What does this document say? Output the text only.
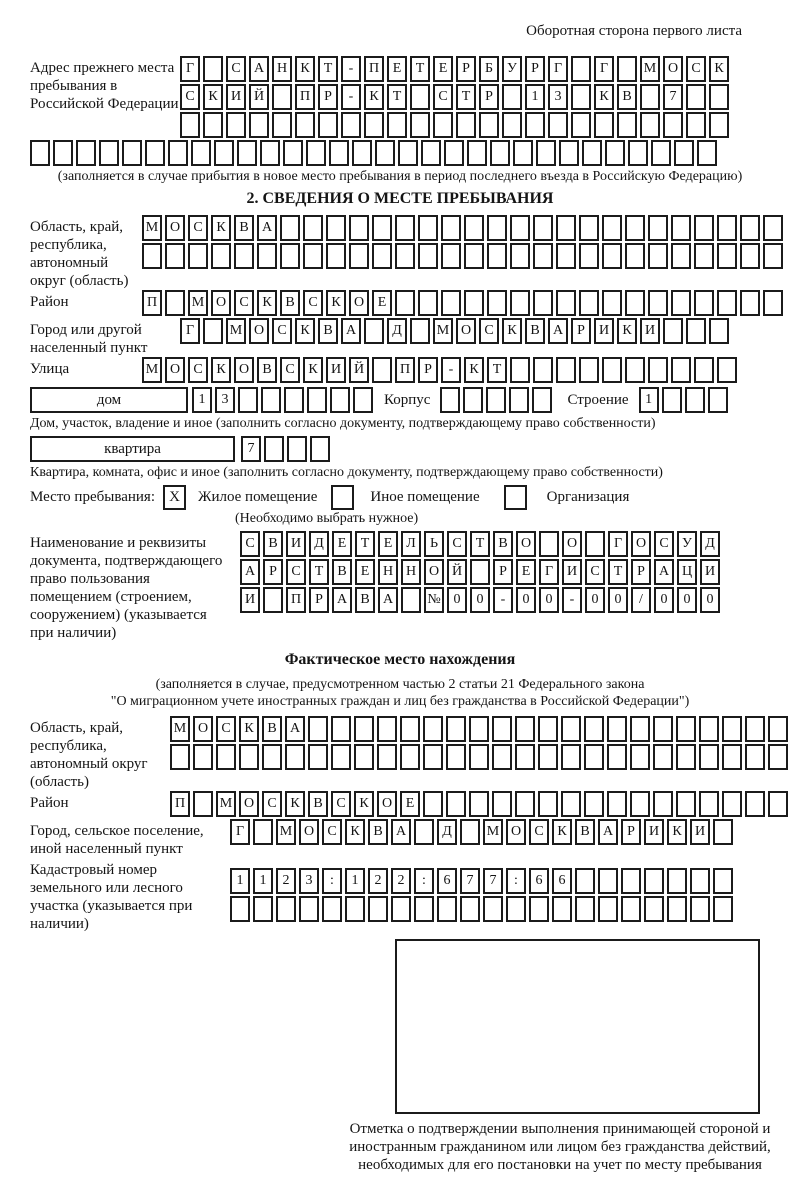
Оборотная сторона первого листа
Адрес прежнего места пребывания в Российской Федерации
Г	С А Н К	Т	-	П Е	Т	Е	Р	Б	У	Р	Г	Г	М О С К
С К И Й	П	Р	-	К	Т	С	Т	Р	1	3	К В	7
(заполняется в случае прибытия в новое место пребывания в период последнего въезда в Российскую Федерацию)
2. СВЕДЕНИЯ О МЕСТЕ ПРЕБЫВАНИЯ
Область, край, республика, автономный округ (область)
М О С К В А
Район	П	М О С К В С К О Е
Город или другой населенный пункт
Г	М О С К В А	Д	М О С К В А	Р	И К И
Улица	М О С К О В С К И Й	П	Р	-	К	Т
дом	1	3	Корпус	Строение	1
Дом, участок, владение и иное (заполнить согласно документу, подтверждающему право собственности)
квартира	7
Квартира, комната, офис и иное (заполнить согласно документу, подтверждающему право собственности)
Место пребывания: X	Жилое помещение	Иное помещение	Организация
(Необходимо выбрать нужное)
Наименование и реквизиты документа, подтверждающего право пользования помещением (строением, сооружением) (указывается при наличии)
С В И Д Е	Т	Е Л	Ь	С	Т	В О	О	Г О С У Д
А	Р	С	Т	В	Е Н Н О Й	Р	Е	Г И С	Т	Р	А Ц И
И	П	Р	А В А	№ 0	0	-	0	0	-	0	0	/	0	0	0
Фактическое место нахождения
(заполняется в случае, предусмотренном частью 2 статьи 21 Федерального закона
"О миграционном учете иностранных граждан и лиц без гражданства в Российской Федерации")
Область, край, республика, автономный округ (область)
М О С К В А
Район	П	М О С К В С К О Е
Город, сельское поселение, иной населенный пункт
Г	М О С К В А	Д	М О С К В А	Р	И К И
Кадастровый номер земельного или лесного участка (указывается при наличии)
1	1	2	3	:	1	2	2	:	6	7	7	:	6	6
Отметка о подтверждении выполнения принимающей стороной и иностранным гражданином или лицом без гражданства действий, необходимых для его постановки на учет по месту пребывания
